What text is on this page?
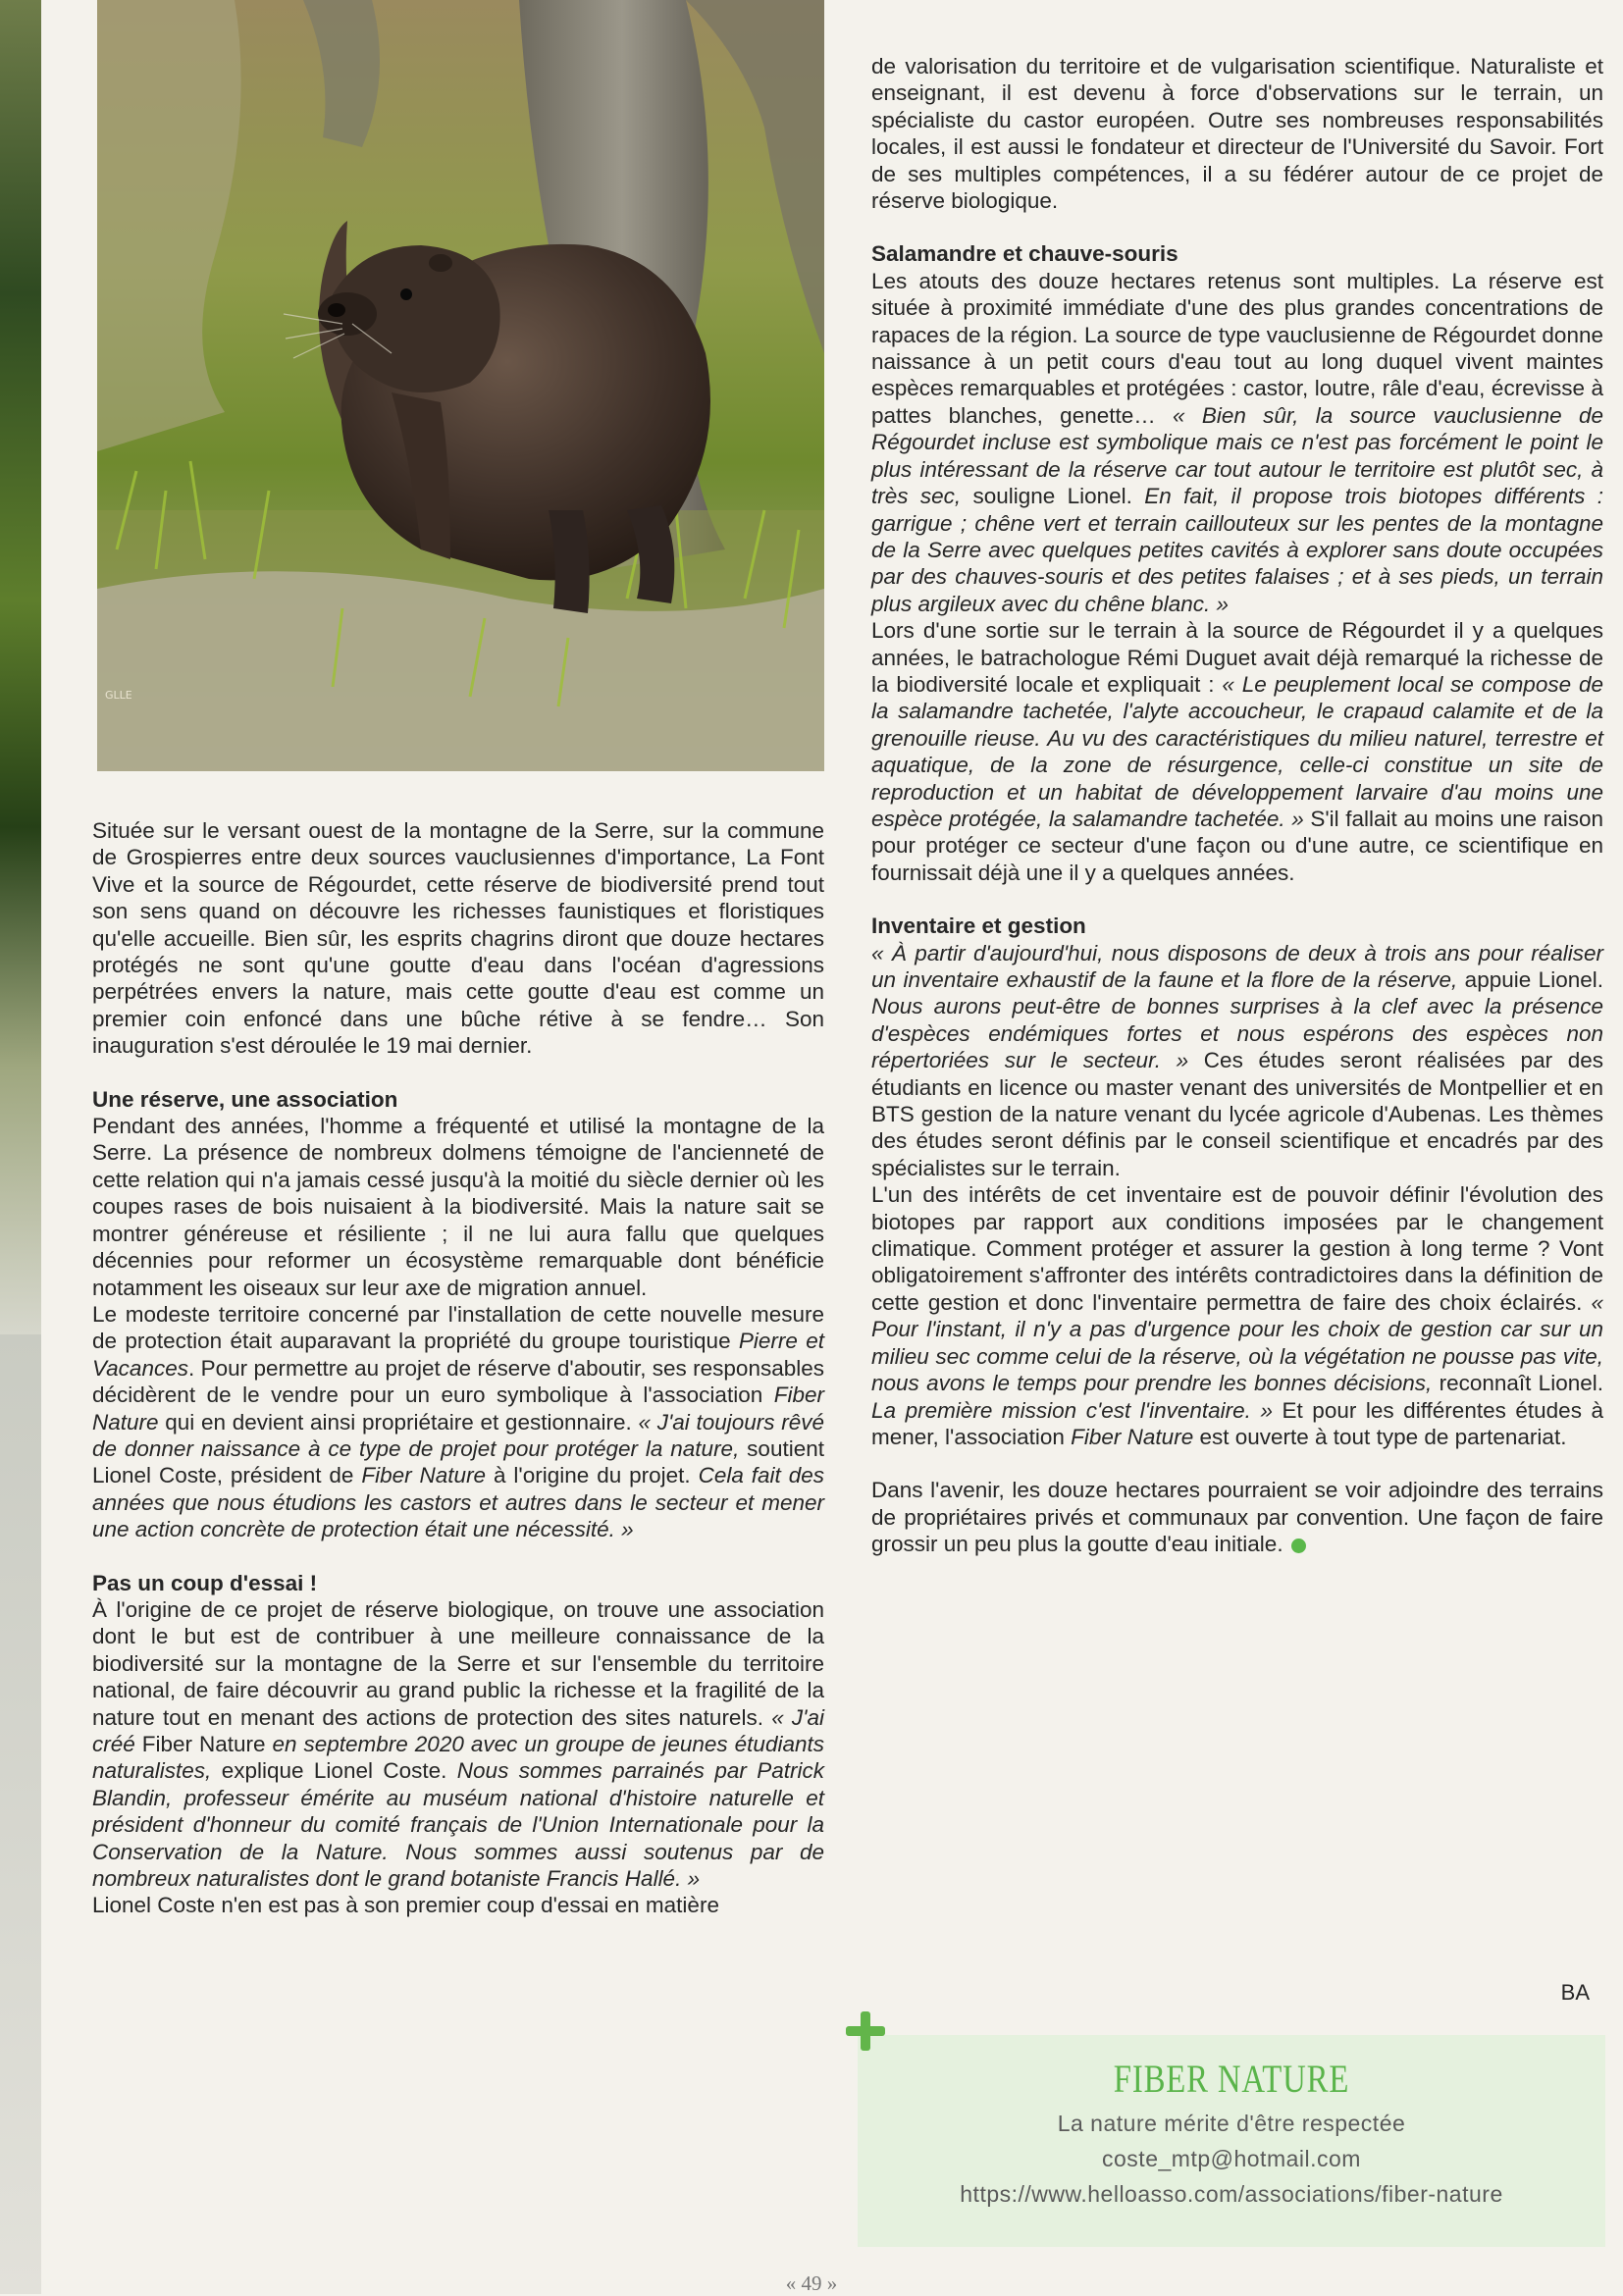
GLLE

Située sur le versant ouest de la montagne de la Serre, sur la commune de Grospierres entre deux sources vauclusiennes d'importance, La Font Vive et la source de Régourdet, cette réserve de biodiversité prend tout son sens quand on découvre les richesses faunistiques et floristiques qu'elle accueille. Bien sûr, les esprits chagrins diront que douze hectares protégés ne sont qu'une goutte d'eau dans l'océan d'agressions perpétrées envers la nature, mais cette goutte d'eau est comme un premier coin enfoncé dans une bûche rétive à se fendre… Son inauguration s'est déroulée le 19 mai dernier.

Une réserve, une association

Pendant des années, l'homme a fréquenté et utilisé la montagne de la Serre. La présence de nombreux dolmens témoigne de l'ancienneté de cette relation qui n'a jamais cessé jusqu'à la moitié du siècle dernier où les coupes rases de bois nuisaient à la biodiversité. Mais la nature sait se montrer généreuse et résiliente ; il ne lui aura fallu que quelques décennies pour reformer un écosystème remarquable dont bénéficie notamment les oiseaux sur leur axe de migration annuel.

Le modeste territoire concerné par l'installation de cette nouvelle mesure de protection était auparavant la propriété du groupe touristique Pierre et Vacances. Pour permettre au projet de réserve d'aboutir, ses responsables décidèrent de le vendre pour un euro symbolique à l'association Fiber Nature qui en devient ainsi propriétaire et gestionnaire. « J'ai toujours rêvé de donner naissance à ce type de projet pour protéger la nature, soutient Lionel Coste, président de Fiber Nature à l'origine du projet. Cela fait des années que nous étudions les castors et autres dans le secteur et mener une action concrète de protection était une nécessité. »

Pas un coup d'essai !

À l'origine de ce projet de réserve biologique, on trouve une association dont le but est de contribuer à une meilleure connaissance de la biodiversité sur la montagne de la Serre et sur l'ensemble du territoire national, de faire découvrir au grand public la richesse et la fragilité de la nature tout en menant des actions de protection des sites naturels. « J'ai créé Fiber Nature en septembre 2020 avec un groupe de jeunes étudiants naturalistes, explique Lionel Coste. Nous sommes parrainés par Patrick Blandin, professeur émérite au muséum national d'histoire naturelle et président d'honneur du comité français de l'Union Internationale pour la Conservation de la Nature. Nous sommes aussi soutenus par de nombreux naturalistes dont le grand botaniste Francis Hallé. »

Lionel Coste n'en est pas à son premier coup d'essai en matière

de valorisation du territoire et de vulgarisation scientifique. Naturaliste et enseignant, il est devenu à force d'observations sur le terrain, un spécialiste du castor européen. Outre ses nombreuses responsabilités locales, il est aussi le fondateur et directeur de l'Université du Savoir. Fort de ses multiples compétences, il a su fédérer autour de ce projet de réserve biologique.

Salamandre et chauve-souris

Les atouts des douze hectares retenus sont multiples. La réserve est située à proximité immédiate d'une des plus grandes concentrations de rapaces de la région. La source de type vauclusienne de Régourdet donne naissance à un petit cours d'eau tout au long duquel vivent maintes espèces remarquables et protégées : castor, loutre, râle d'eau, écrevisse à pattes blanches, genette… « Bien sûr, la source vauclusienne de Régourdet incluse est symbolique mais ce n'est pas forcément le point le plus intéressant de la réserve car tout autour le territoire est plutôt sec, à très sec, souligne Lionel. En fait, il propose trois biotopes différents : garrigue ; chêne vert et terrain caillouteux sur les pentes de la montagne de la Serre avec quelques petites cavités à explorer sans doute occupées par des chauves-souris et des petites falaises ; et à ses pieds, un terrain plus argileux avec du chêne blanc. »

Lors d'une sortie sur le terrain à la source de Régourdet il y a quelques années, le batrachologue Rémi Duguet avait déjà remarqué la richesse de la biodiversité locale et expliquait : « Le peuplement local se compose de la salamandre tachetée, l'alyte accoucheur, le crapaud calamite et de la grenouille rieuse. Au vu des caractéristiques du milieu naturel, terrestre et aquatique, de la zone de résurgence, celle-ci constitue un site de reproduction et un habitat de développement larvaire d'au moins une espèce protégée, la salamandre tachetée. » S'il fallait au moins une raison pour protéger ce secteur d'une façon ou d'une autre, ce scientifique en fournissait déjà une il y a quelques années.

Inventaire et gestion

« À partir d'aujourd'hui, nous disposons de deux à trois ans pour réaliser un inventaire exhaustif de la faune et la flore de la réserve, appuie Lionel. Nous aurons peut-être de bonnes surprises à la clef avec la présence d'espèces endémiques fortes et nous espérons des espèces non répertoriées sur le secteur. » Ces études seront réalisées par des étudiants en licence ou master venant des universités de Montpellier et en BTS gestion de la nature venant du lycée agricole d'Aubenas. Les thèmes des études seront définis par le conseil scientifique et encadrés par des spécialistes sur le terrain.

L'un des intérêts de cet inventaire est de pouvoir définir l'évolution des biotopes par rapport aux conditions imposées par le changement climatique. Comment protéger et assurer la gestion à long terme ? Vont obligatoirement s'affronter des intérêts contradictoires dans la définition de cette gestion et donc l'inventaire permettra de faire des choix éclairés. « Pour l'instant, il n'y a pas d'urgence pour les choix de gestion car sur un milieu sec comme celui de la réserve, où la végétation ne pousse pas vite, nous avons le temps pour prendre les bonnes décisions, reconnaît Lionel. La première mission c'est l'inventaire. » Et pour les différentes études à mener, l'association Fiber Nature est ouverte à tout type de partenariat.

Dans l'avenir, les douze hectares pourraient se voir adjoindre des terrains de propriétaires privés et communaux par convention. Une façon de faire grossir un peu plus la goutte d'eau initiale.

BA
FIBER NATURE
La nature mérite d'être respectée
coste_mtp@hotmail.com
https://www.helloasso.com/associations/fiber-nature
« 49 »
